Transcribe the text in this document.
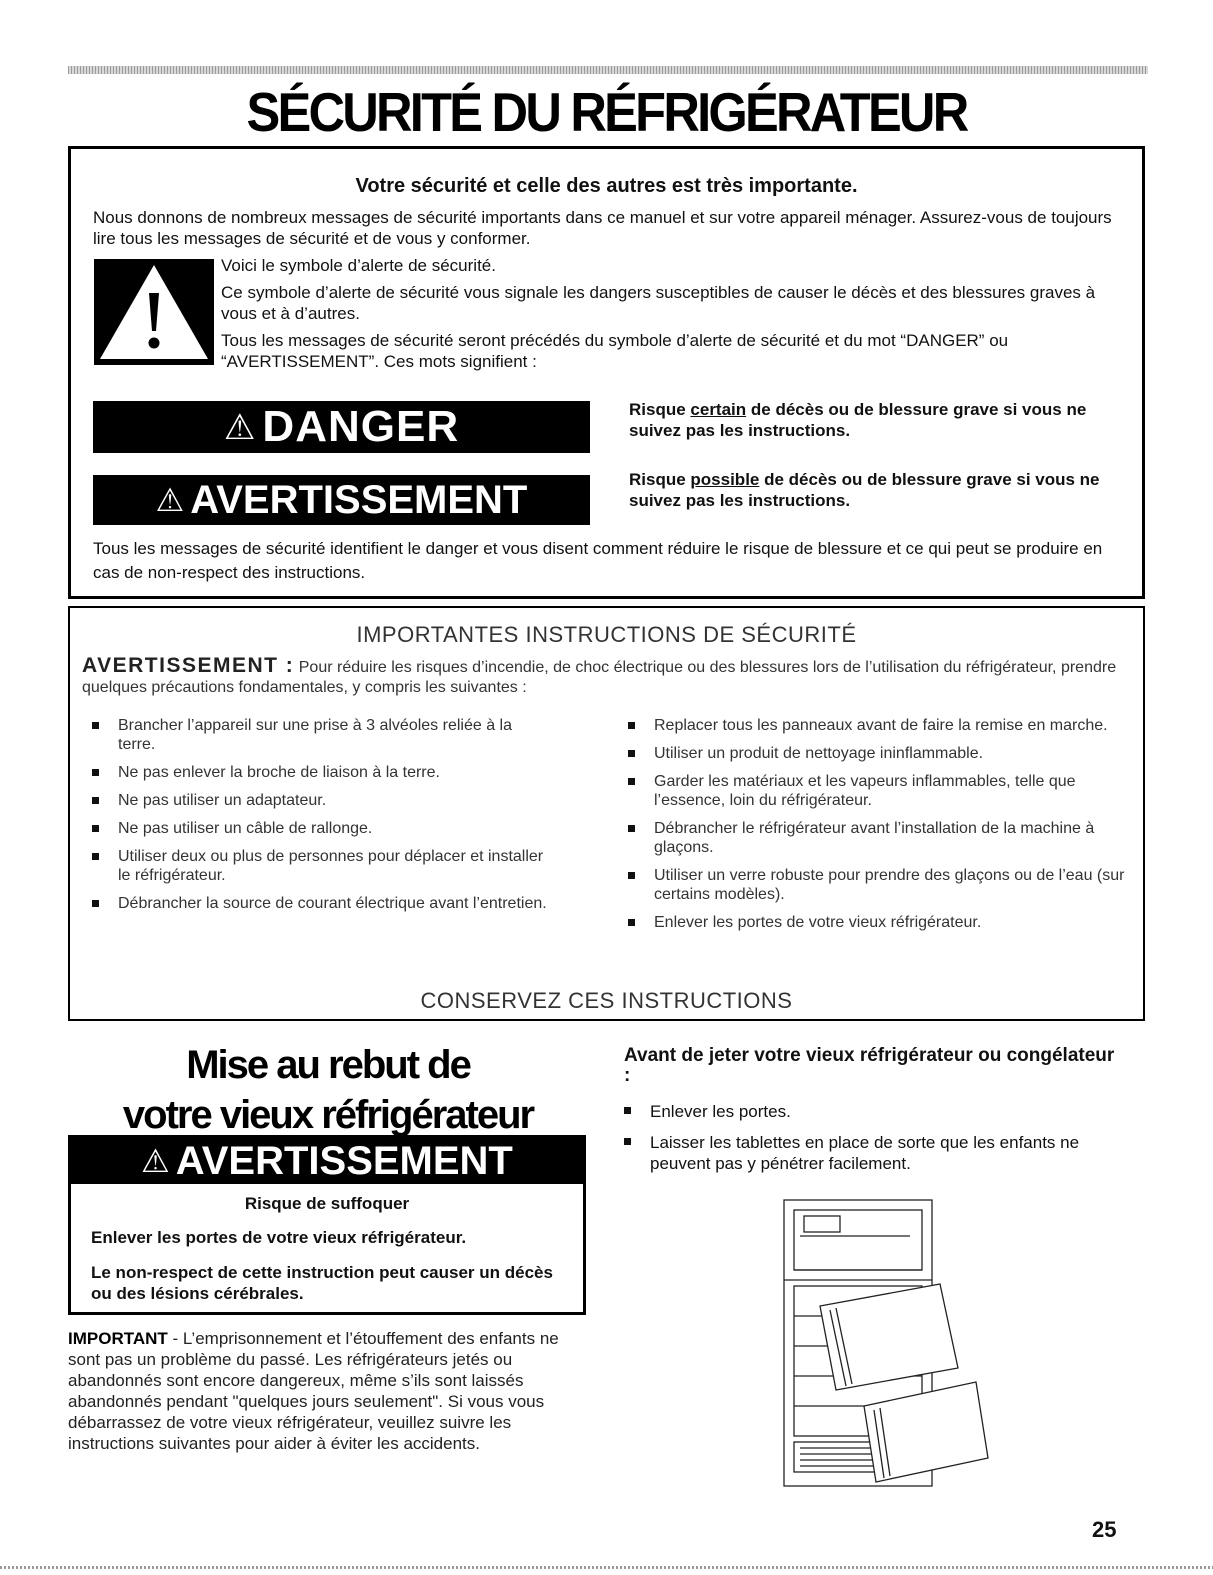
SÉCURITÉ DU RÉFRIGÉRATEUR
Votre sécurité et celle des autres est très importante.

Nous donnons de nombreux messages de sécurité importants dans ce manuel et sur votre appareil ménager. Assurez-vous de toujours lire tous les messages de sécurité et de vous y conformer.

Voici le symbole d’alerte de sécurité.

Ce symbole d’alerte de sécurité vous signale les dangers susceptibles de causer le décès et des blessures graves à vous et à d’autres.

Tous les messages de sécurité seront précédés du symbole d’alerte de sécurité et du mot “DANGER” ou “AVERTISSEMENT”. Ces mots signifient :

⚠ DANGER	Risque certain de décès ou de blessure grave si vous ne suivez pas les instructions.
⚠ AVERTISSEMENT	Risque possible de décès ou de blessure grave si vous ne suivez pas les instructions.

Tous les messages de sécurité identifient le danger et vous disent comment réduire le risque de blessure et ce qui peut se produire en cas de non-respect des instructions.

IMPORTANTES INSTRUCTIONS DE SÉCURITÉ

AVERTISSEMENT : Pour réduire les risques d’incendie, de choc électrique ou des blessures lors de l’utilisation du réfrigérateur, prendre quelques précautions fondamentales, y compris les suivantes :

Brancher l’appareil sur une prise à 3 alvéoles reliée à la terre.
Ne pas enlever la broche de liaison à la terre.
Ne pas utiliser un adaptateur.
Ne pas utiliser un câble de rallonge.
Utiliser deux ou plus de personnes pour déplacer et installer le réfrigérateur.
Débrancher la source de courant électrique avant l’entretien.
Replacer tous les panneaux avant de faire la remise en marche.
Utiliser un produit de nettoyage ininflammable.
Garder les matériaux et les vapeurs inflammables, telle que l’essence, loin du réfrigérateur.
Débrancher le réfrigérateur avant l’installation de la machine à glaçons.
Utiliser un verre robuste pour prendre des glaçons ou de l’eau (sur certains modèles).
Enlever les portes de votre vieux réfrigérateur.
CONSERVEZ CES INSTRUCTIONS
Mise au rebut de
votre vieux réfrigérateur
⚠ AVERTISSEMENT
Risque de suffoquer
Enlever les portes de votre vieux réfrigérateur.
Le non-respect de cette instruction peut causer un décès ou des lésions cérébrales.

IMPORTANT - L’emprisonnement et l’étouffement des enfants ne sont pas un problème du passé. Les réfrigérateurs jetés ou abandonnés sont encore dangereux, même s’ils sont laissés abandonnés pendant "quelques jours seulement". Si vous vous débarrassez de votre vieux réfrigérateur, veuillez suivre les instructions suivantes pour aider à éviter les accidents.

Avant de jeter votre vieux réfrigérateur ou congélateur :
Enlever les portes.
Laisser les tablettes en place de sorte que les enfants ne peuvent pas y pénétrer facilement.
25
